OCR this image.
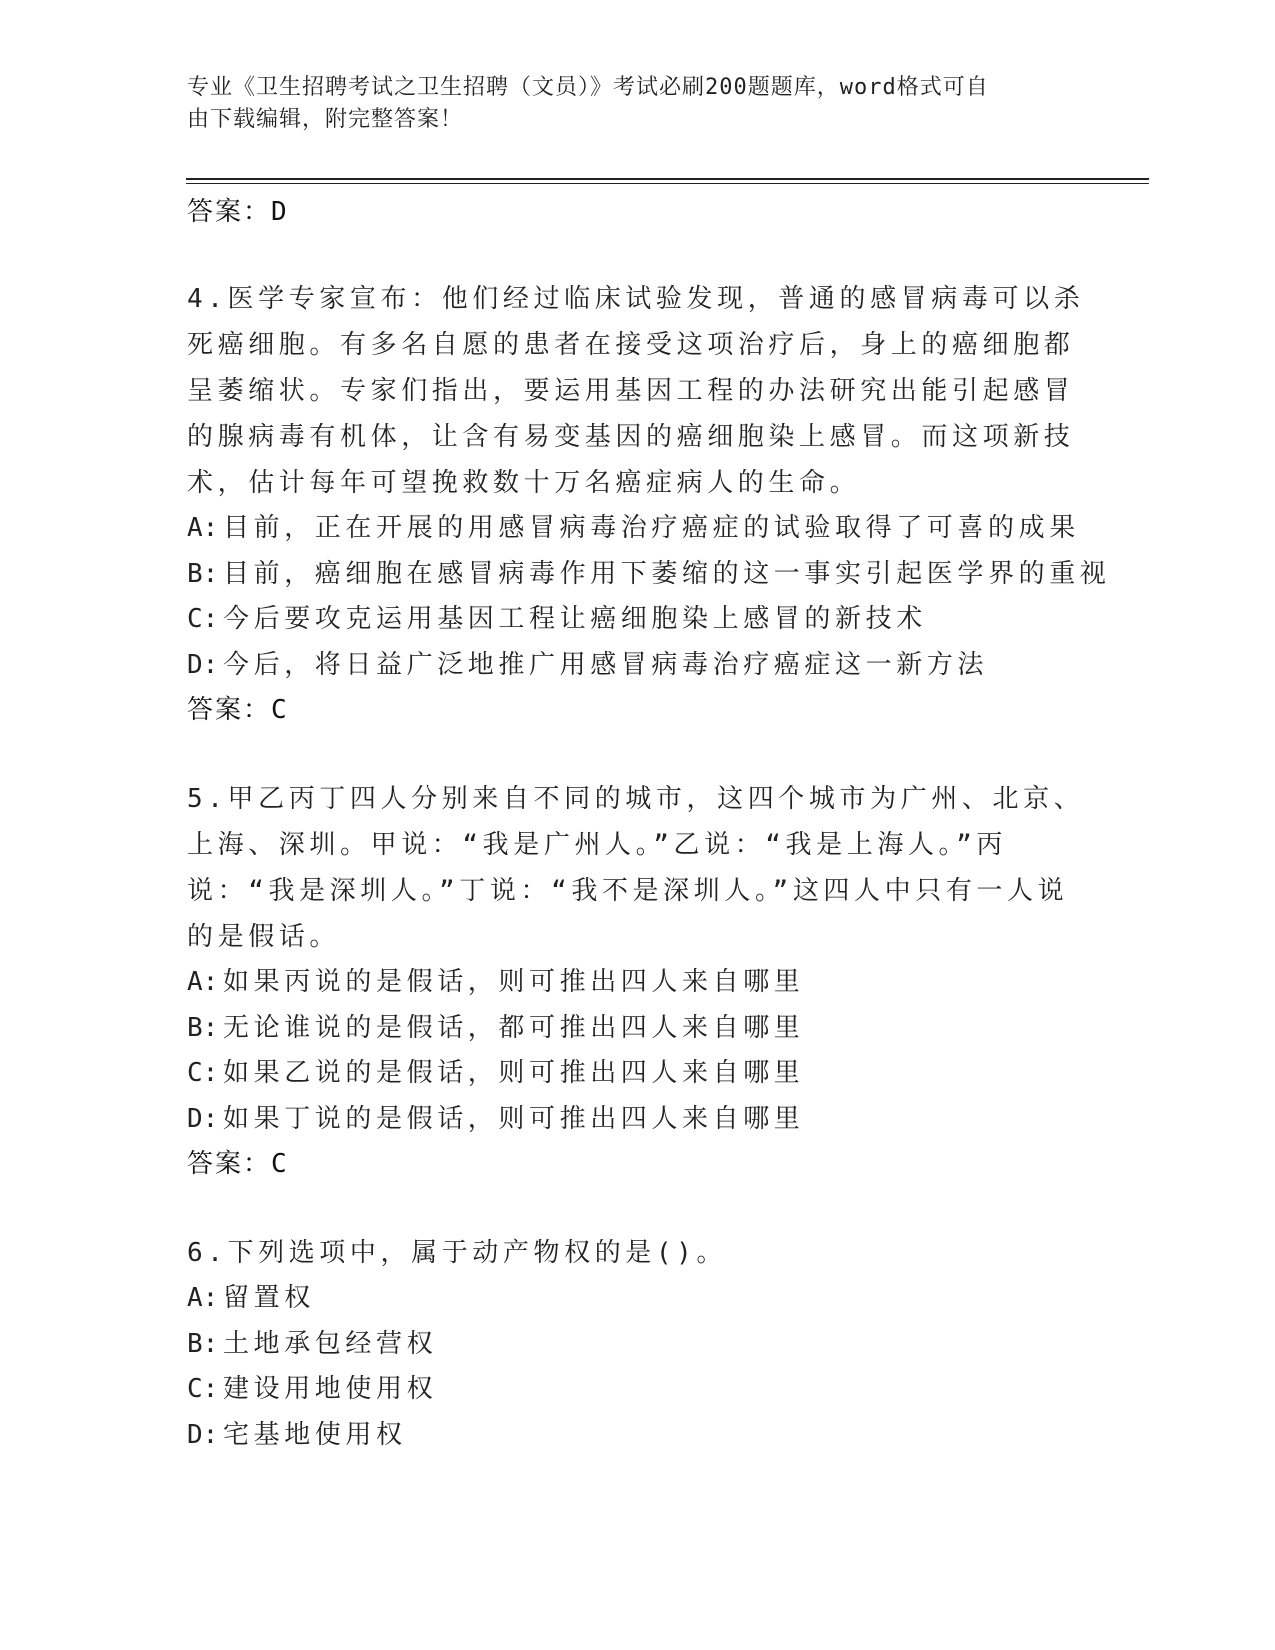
专业《卫生招聘考试之卫生招聘（文员）》考试必刷200题题库，word格式可自
由下载编辑，附完整答案！
答案：D
4.医学专家宣布：他们经过临床试验发现，普通的感冒病毒可以杀死癌细胞。有多名自愿的患者在接受这项治疗后，身上的癌细胞都呈萎缩状。专家们指出，要运用基因工程的办法研究出能引起感冒的腺病毒有机体，让含有易变基因的癌细胞染上感冒。而这项新技术，估计每年可望挽救数十万名癌症病人的生命。
A: 目前，正在开展的用感冒病毒治疗癌症的试验取得了可喜的成果
B: 目前，癌细胞在感冒病毒作用下萎缩的这一事实引起医学界的重视
C: 今后要攻克运用基因工程让癌细胞染上感冒的新技术
D: 今后，将日益广泛地推广用感冒病毒治疗癌症这一新方法
答案：C
5.甲乙丙丁四人分别来自不同的城市，这四个城市为广州、北京、上海、深圳。甲说：“我是广州人。”乙说：“我是上海人。”丙说：“我是深圳人。”丁说：“我不是深圳人。”这四人中只有一人说的是假话。
A: 如果丙说的是假话，则可推出四人来自哪里
B: 无论谁说的是假话，都可推出四人来自哪里
C: 如果乙说的是假话，则可推出四人来自哪里
D: 如果丁说的是假话，则可推出四人来自哪里
答案：C
6.下列选项中，属于动产物权的是()。
A: 留置权
B: 土地承包经营权
C: 建设用地使用权
D: 宅基地使用权
